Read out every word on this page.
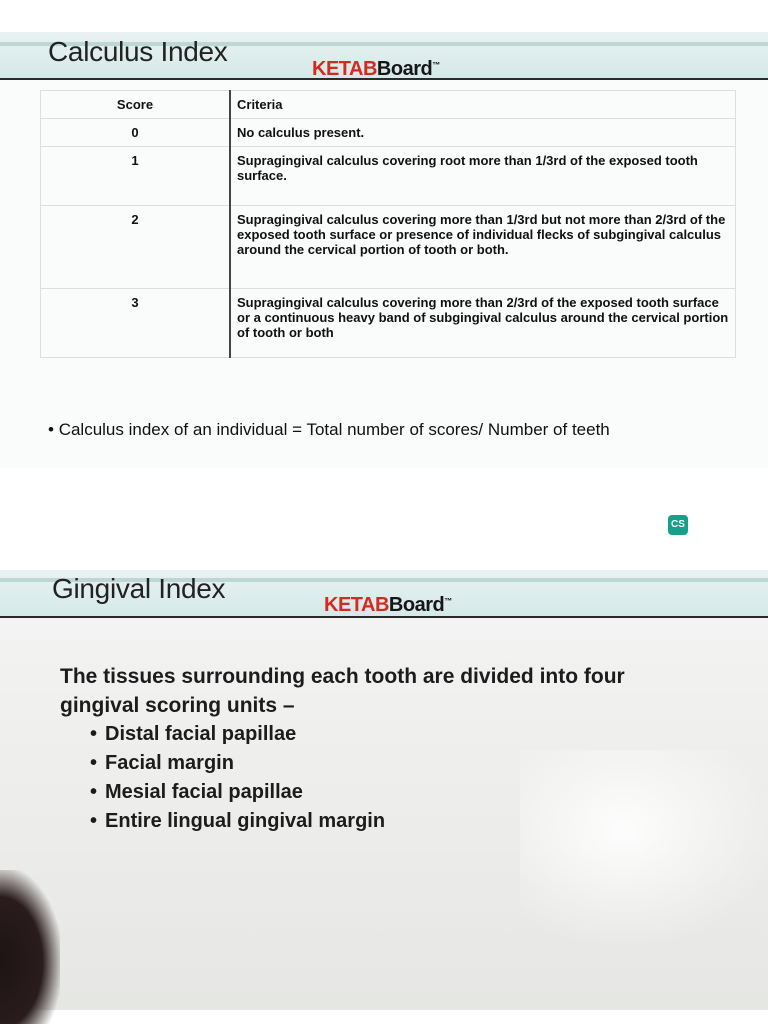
Calculus Index
KETABBoard™
Score	Criteria
0	No calculus present.
1	Supragingival calculus covering root more than 1/3rd of the exposed tooth surface.
2	Supragingival calculus covering more than 1/3rd but not more than 2/3rd of the exposed tooth surface or presence of individual flecks of subgingival calculus around the cervical portion of tooth or both.
3	Supragingival calculus covering more than 2/3rd of the exposed tooth surface or a continuous heavy band of subgingival calculus around the cervical portion of tooth or both
• Calculus index of an individual = Total number of scores/ Number of teeth
CS
Gingival Index
KETABBoard™
The tissues surrounding each tooth are divided into four gingival scoring units –
• Distal facial papillae
• Facial margin
• Mesial facial papillae
• Entire lingual gingival margin
